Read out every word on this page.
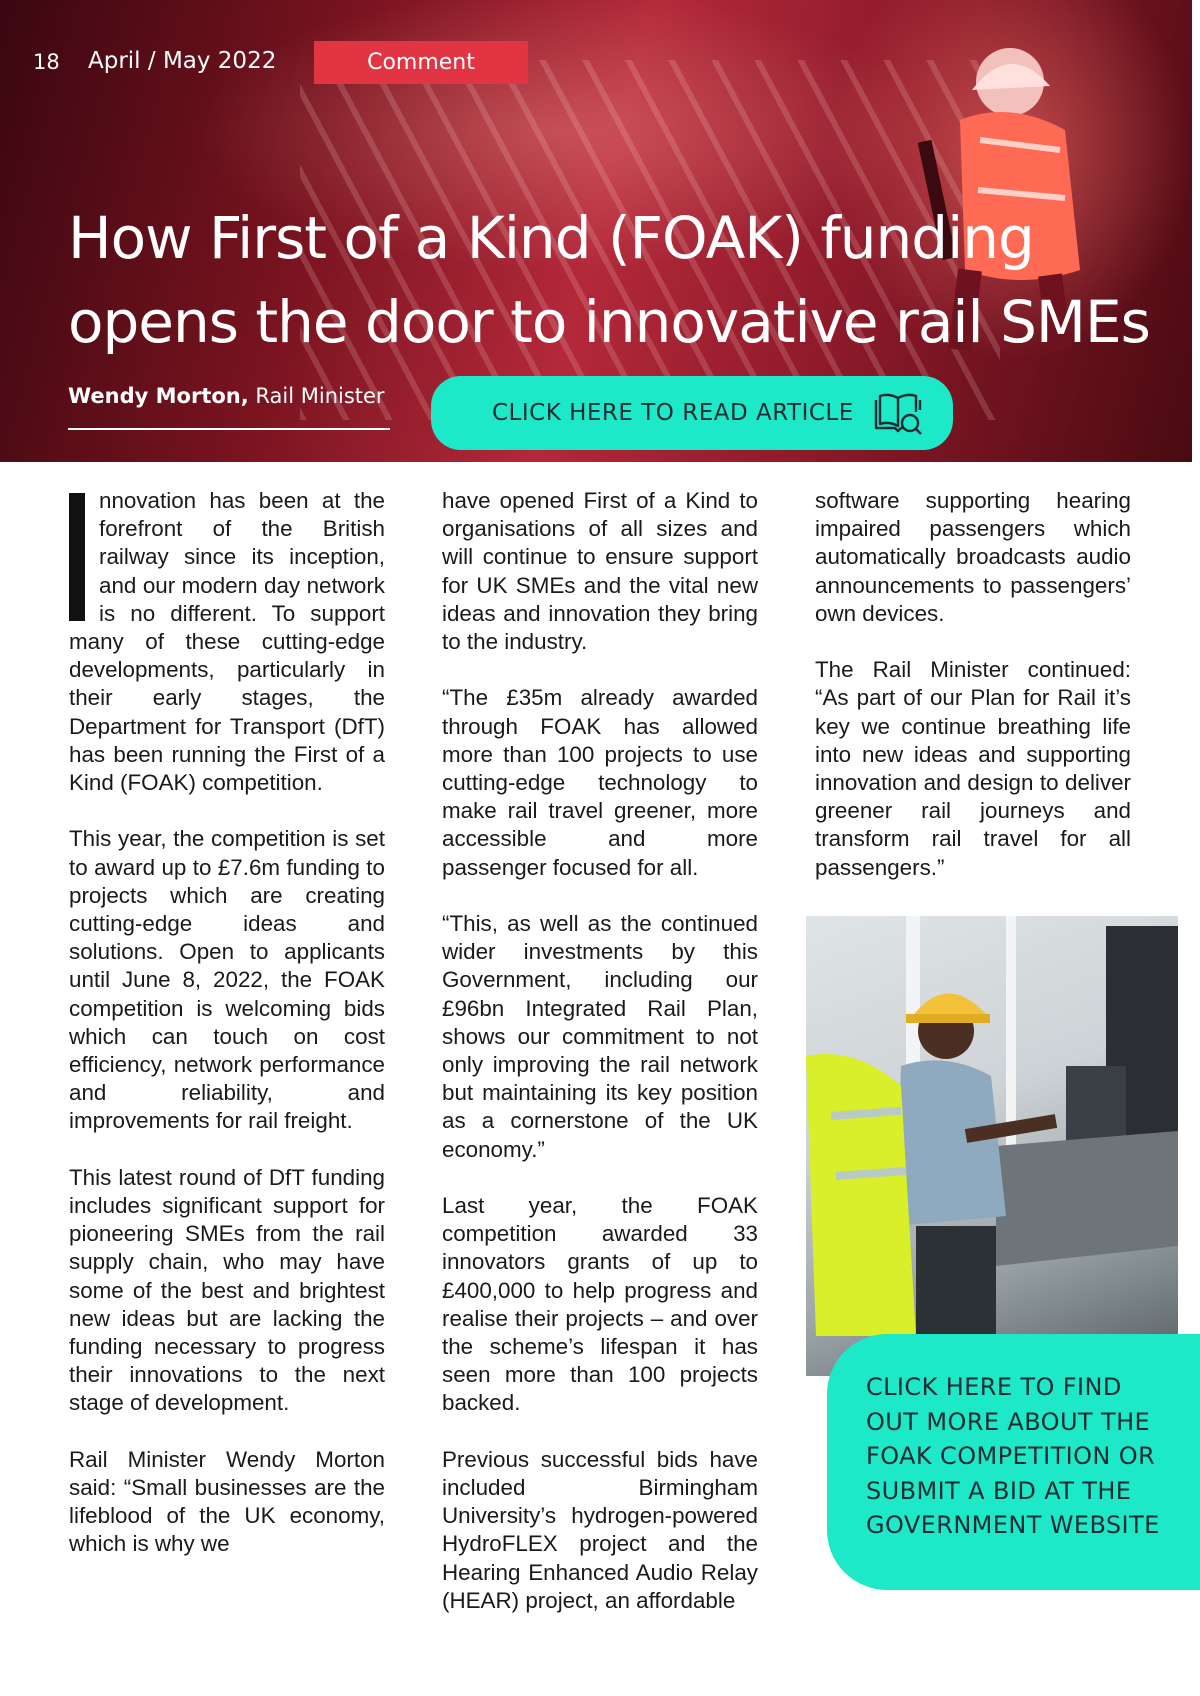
18 April / May 2022	Comment
How First of a Kind (FOAK) funding
opens the door to innovative rail SMEs
Wendy Morton, Rail Minister
CLICK HERE TO READ ARTICLE

nnovation has been at the forefront of the British railway since its inception, and our modern day network is no different. To support many of these cutting-edge developments, particularly in their early stages, the Department for Transport (DfT) has been running the First of a Kind (FOAK) competition.

This year, the competition is set to award up to £7.6m funding to projects which are creating cutting-edge ideas and solutions. Open to applicants until June 8, 2022, the FOAK competition is welcoming bids which can touch on cost efficiency, network performance and reliability, and improvements for rail freight.

This latest round of DfT funding includes significant support for pioneering SMEs from the rail supply chain, who may have some of the best and brightest new ideas but are lacking the funding necessary to progress their innovations to the next stage of development.

Rail Minister Wendy Morton said: “Small businesses are the lifeblood of the UK economy, which is why we

have opened First of a Kind to organisations of all sizes and will continue to ensure support for UK SMEs and the vital new ideas and innovation they bring to the industry.

“The £35m already awarded through FOAK has allowed more than 100 projects to use cutting-edge technology to make rail travel greener, more accessible and more passenger focused for all.

“This, as well as the continued wider investments by this Government, including our £96bn Integrated Rail Plan, shows our commitment to not only improving the rail network but maintaining its key position as a cornerstone of the UK economy.”

Last year, the FOAK competition awarded 33 innovators grants of up to £400,000 to help progress and realise their projects – and over the scheme’s lifespan it has seen more than 100 projects backed.

Previous successful bids have included Birmingham University’s hydrogen-powered HydroFLEX project and the Hearing Enhanced Audio Relay (HEAR) project, an affordable

software supporting hearing impaired passengers which automatically broadcasts audio announcements to passengers’ own devices.

The Rail Minister continued: “As part of our Plan for Rail it’s key we continue breathing life into new ideas and supporting innovation and design to deliver greener rail journeys and transform rail travel for all passengers.”

CLICK HERE TO FIND OUT MORE ABOUT THE FOAK COMPETITION OR SUBMIT A BID AT THE GOVERNMENT WEBSITE
